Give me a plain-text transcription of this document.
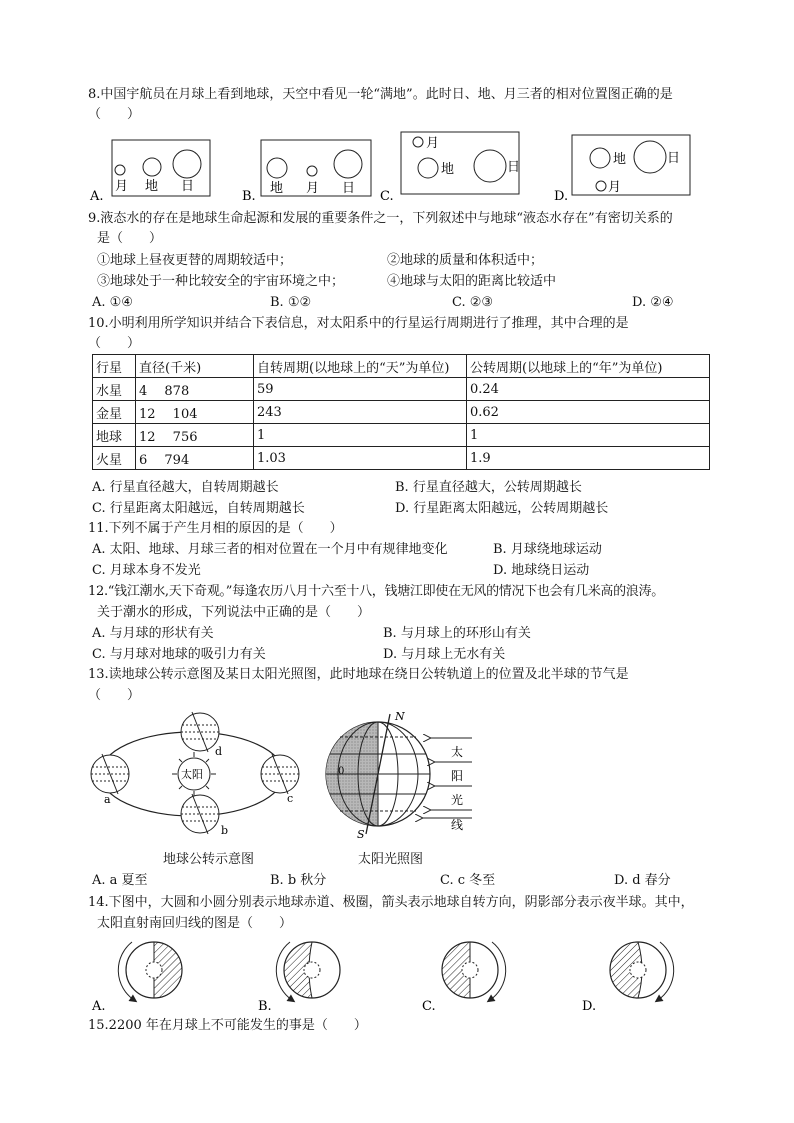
8.中国宇航员在月球上看到地球，天空中看见一轮“满地”。此时日、地、月三者的相对位置图正确的是
（　　）
A.
月 地 日
B.
地 月 日
C.
月
地	日
D.
地	日
月
9.液态水的存在是地球生命起源和发展的重要条件之一，下列叙述中与地球“液态水存在”有密切关系的
是（　　）
①地球上昼夜更替的周期较适中；	②地球的质量和体积适中；
③地球处于一种比较安全的宇宙环境之中；	④地球与太阳的距离比较适中
A. ①④	B. ①②	C. ②③	D. ②④
10.小明利用所学知识并结合下表信息，对太阳系中的行星运行周期进行了推理，其中合理的是
（　　）
行星	直径(千米)	自转周期(以地球上的“天”为单位)	公转周期(以地球上的“年”为单位)
水星	4　 878	59	0.24
金星	12　 104	243	0.62
地球	12　 756	1	1
火星	6　 794	1.03	1.9
A. 行星直径越大，自转周期越长	B. 行星直径越大，公转周期越长
C. 行星距离太阳越远，自转周期越长	D. 行星距离太阳越远，公转周期越长
11.下列不属于产生月相的原因的是（　　）
A. 太阳、地球、月球三者的相对位置在一个月中有规律地变化	B. 月球绕地球运动
C. 月球本身不发光	D. 地球绕日运动
12.“钱江潮水,天下奇观。”每逢农历八月十六至十八，钱塘江即使在无风的情况下也会有几米高的浪涛。
关于潮水的形成，下列说法中正确的是（　　）
A. 与月球的形状有关	B. 与月球上的环形山有关
C. 与月球对地球的吸引力有关	D. 与月球上无水有关
13.读地球公转示意图及某日太阳光照图，此时地球在绕日公转轨道上的位置及北半球的节气是
（　　）
太阳
d
a	c
b
N
S
0
太
阳
光
线
地球公转示意图	太阳光照图
A. a 夏至	B. b 秋分	C. c 冬至	D. d 春分
14.下图中，大圆和小圆分别表示地球赤道、极圈，箭头表示地球自转方向，阴影部分表示夜半球。其中，
太阳直射南回归线的图是（　　）
A.	B.	C.	D.
15.2200 年在月球上不可能发生的事是（　　）
